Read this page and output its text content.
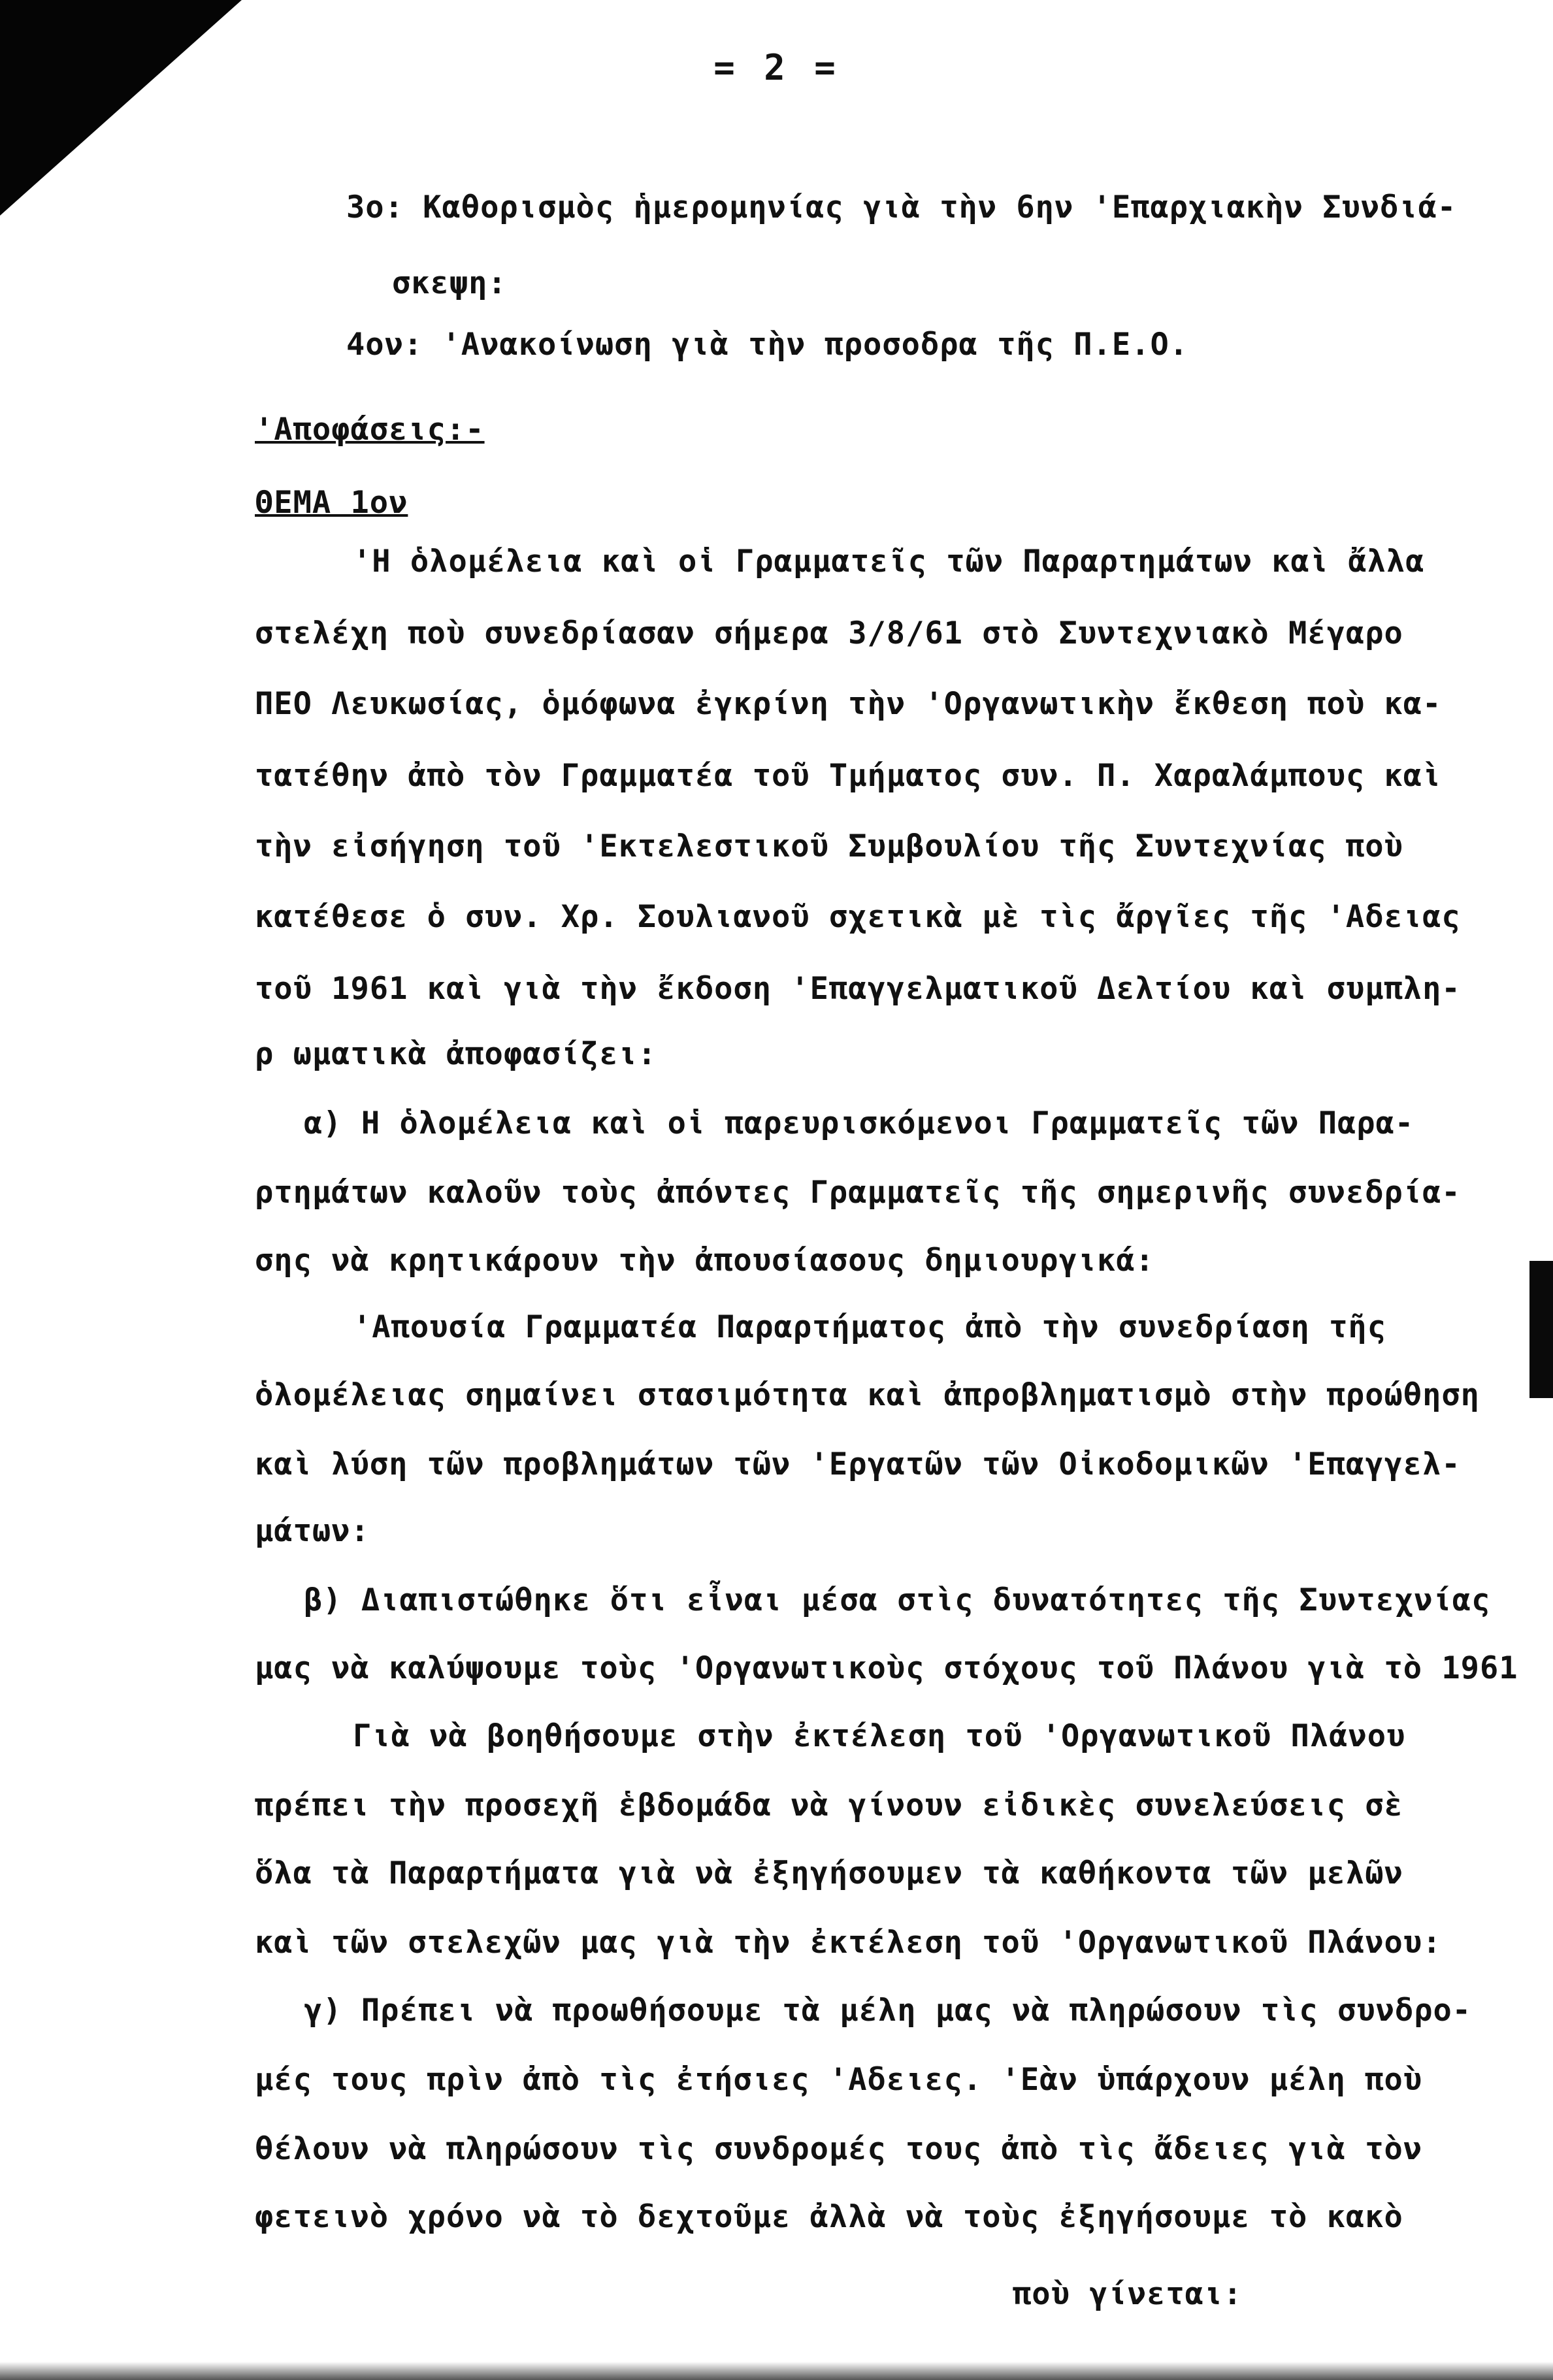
= 2 =
3ο: Καθορισμὸς ἡμερομηνίας γιὰ τὴν 6ην 'Επαρχιακὴν Συνδιά-
σκεψη:
4ον: 'Ανακοίνωση γιὰ τὴν προσοδρα τῆς Π.Ε.Ο.
'Αποφάσεις:-
ΘΕΜΑ 1ον
'Η ὁλομέλεια καὶ οἱ Γραμματεῖς τῶν Παραρτημάτων καὶ ἄλλα
στελέχη ποὺ συνεδρίασαν σήμερα 3/8/61 στὸ Συντεχνιακὸ Μέγαρο
ΠΕΟ Λευκωσίας, ὁμόφωνα ἐγκρίνη τὴν 'Οργανωτικὴν ἔκθεση ποὺ κα-
τατέθην ἀπὸ τὸν Γραμματέα τοῦ Τμήματος συν. Π. Χαραλάμπους καὶ
τὴν εἰσήγηση τοῦ 'Εκτελεστικοῦ Συμβουλίου τῆς Συντεχνίας ποὺ
κατέθεσε ὁ συν. Χρ. Σουλιανοῦ σχετικὰ μὲ τὶς ἄργῖες τῆς 'Αδειας
τοῦ 1961 καὶ γιὰ τὴν ἔκδοση 'Επαγγελματικοῦ Δελτίου καὶ συμπλη-
ρ ωματικὰ ἀποφασίζει:
α) Η ὁλομέλεια καὶ οἱ παρευρισκόμενοι Γραμματεῖς τῶν Παρα-
ρτημάτων καλοῦν τοὺς ἀπόντες Γραμματεῖς τῆς σημερινῆς συνεδρία-
σης νὰ κρητικάρουν τὴν ἀπουσίασους δημιουργικά:
'Απουσία Γραμματέα Παραρτήματος ἀπὸ τὴν συνεδρίαση τῆς
ὁλομέλειας σημαίνει στασιμότητα καὶ ἀπροβληματισμὸ στὴν προώθηση
καὶ λύση τῶν προβλημάτων τῶν 'Εργατῶν τῶν Οἰκοδομικῶν 'Επαγγελ-
μάτων:
β) Διαπιστώθηκε ὅτι εἶναι μέσα στὶς δυνατότητες τῆς Συντεχνίας
μας νὰ καλύψουμε τοὺς 'Οργανωτικοὺς στόχους τοῦ Πλάνου γιὰ τὸ 1961
Γιὰ νὰ βοηθήσουμε στὴν ἐκτέλεση τοῦ 'Οργανωτικοῦ Πλάνου
πρέπει τὴν προσεχῆ ἑβδομάδα νὰ γίνουν εἰδικὲς συνελεύσεις σὲ
ὅλα τὰ Παραρτήματα γιὰ νὰ ἐξηγήσουμεν τὰ καθήκοντα τῶν μελῶν
καὶ τῶν στελεχῶν μας γιὰ τὴν ἐκτέλεση τοῦ 'Οργανωτικοῦ Πλάνου:
γ) Πρέπει νὰ προωθήσουμε τὰ μέλη μας νὰ πληρώσουν τὶς συνδρο-
μές τους πρὶν ἀπὸ τὶς ἐτήσιες 'Αδειες. 'Εὰν ὑπάρχουν μέλη ποὺ
θέλουν νὰ πληρώσουν τὶς συνδρομές τους ἀπὸ τὶς ἄδειες γιὰ τὸν
φετεινὸ χρόνο νὰ τὸ δεχτοῦμε ἀλλὰ νὰ τοὺς ἐξηγήσουμε τὸ κακὸ
ποὺ γίνεται:
